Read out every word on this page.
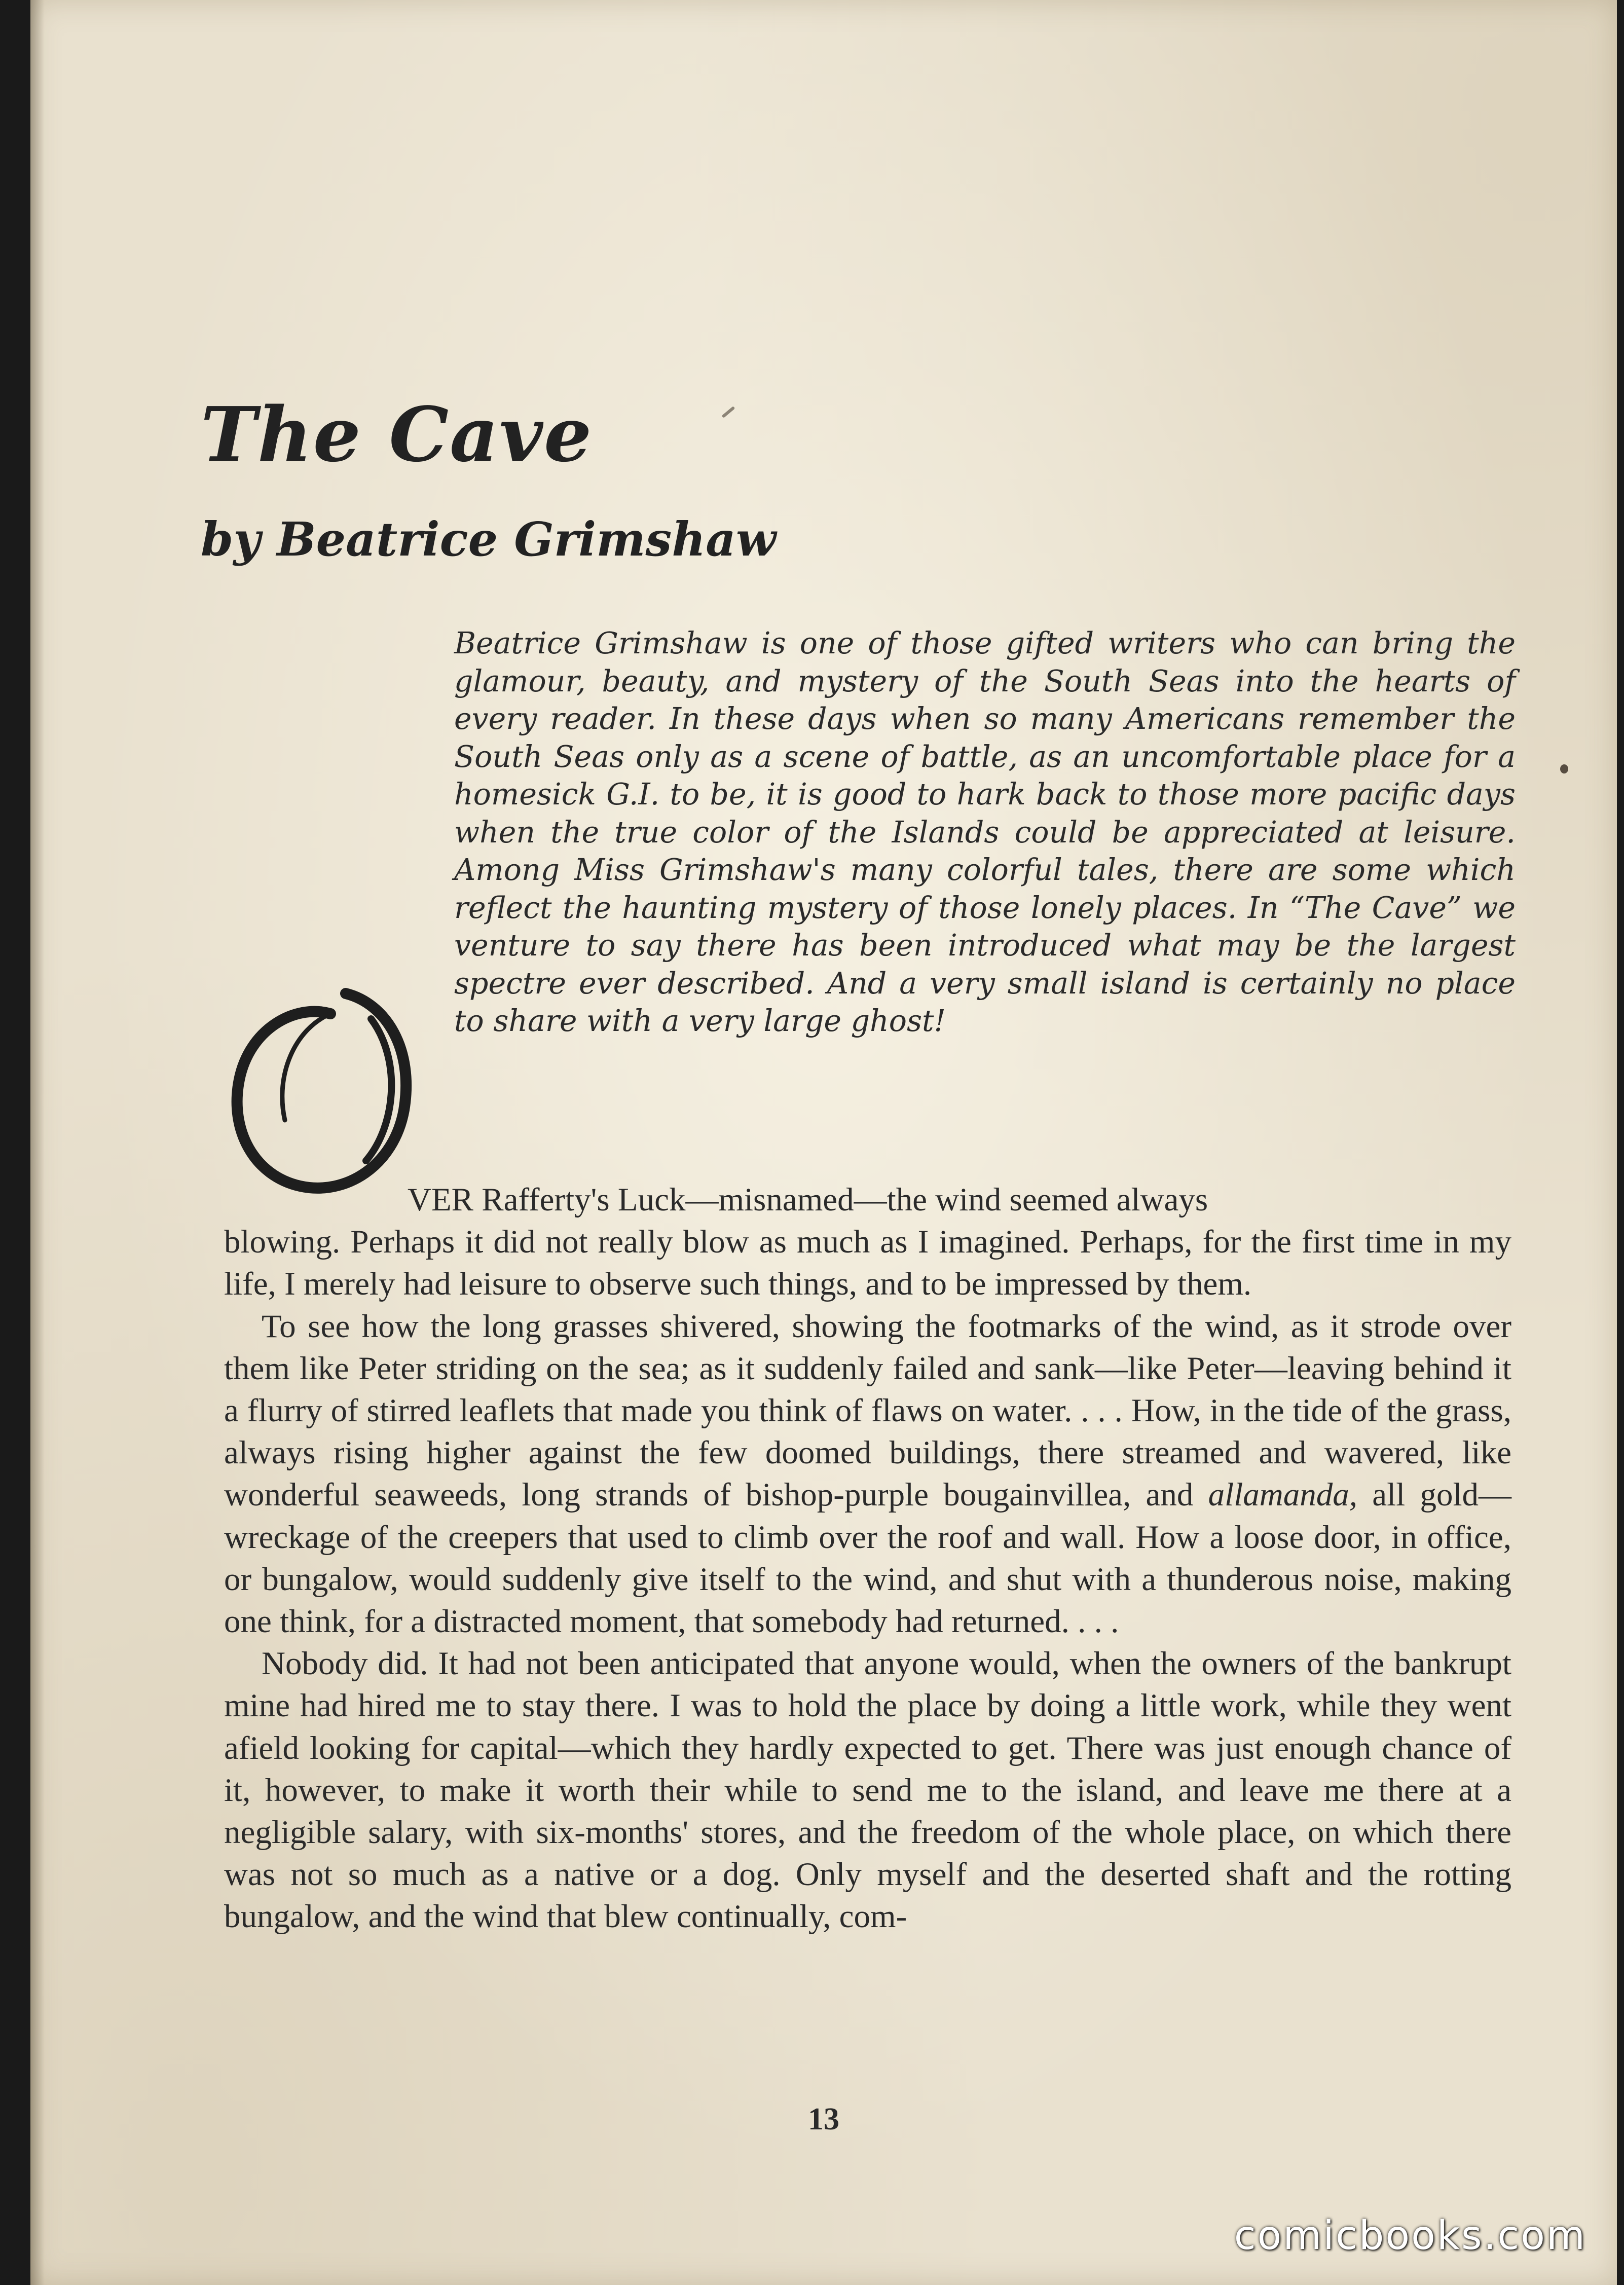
The Cave
by Beatrice Grimshaw

Beatrice Grimshaw is one of those gifted writers who can bring the glamour, beauty, and mystery of the South Seas into the hearts of every reader. In these days when so many Americans remember the South Seas only as a scene of battle, as an uncomfortable place for a homesick G.I. to be, it is good to hark back to those more pacific days when the true color of the Islands could be appreciated at leisure. Among Miss Grimshaw's many colorful tales, there are some which reflect the haunting mystery of those lonely places. In “The Cave” we venture to say there has been introduced what may be the largest spectre ever described. And a very small island is certainly no place to share with a very large ghost!

VER Rafferty's Luck—misnamed—the wind seemed always
blowing. Perhaps it did not really blow as much as I imagined. Perhaps, for the first time in my life, I merely had leisure to observe such things, and to be impressed by them.

To see how the long grasses shivered, showing the footmarks of the wind, as it strode over them like Peter striding on the sea; as it suddenly failed and sank—like Peter—leaving behind it a flurry of stirred leaflets that made you think of flaws on water. . . . How, in the tide of the grass, always rising higher against the few doomed buildings, there streamed and wavered, like wonderful seaweeds, long strands of bishop-purple bougainvillea, and allamanda, all gold—wreckage of the creepers that used to climb over the roof and wall. How a loose door, in office, or bungalow, would suddenly give itself to the wind, and shut with a thunderous noise, making one think, for a distracted moment, that somebody had returned. . . .

Nobody did. It had not been anticipated that anyone would, when the owners of the bankrupt mine had hired me to stay there. I was to hold the place by doing a little work, while they went afield looking for capital—which they hardly expected to get. There was just enough chance of it, however, to make it worth their while to send me to the island, and leave me there at a negligible salary, with six-months' stores, and the freedom of the whole place, on which there was not so much as a native or a dog. Only myself and the deserted shaft and the rotting bungalow, and the wind that blew continually, com-

13
comicbooks.com
